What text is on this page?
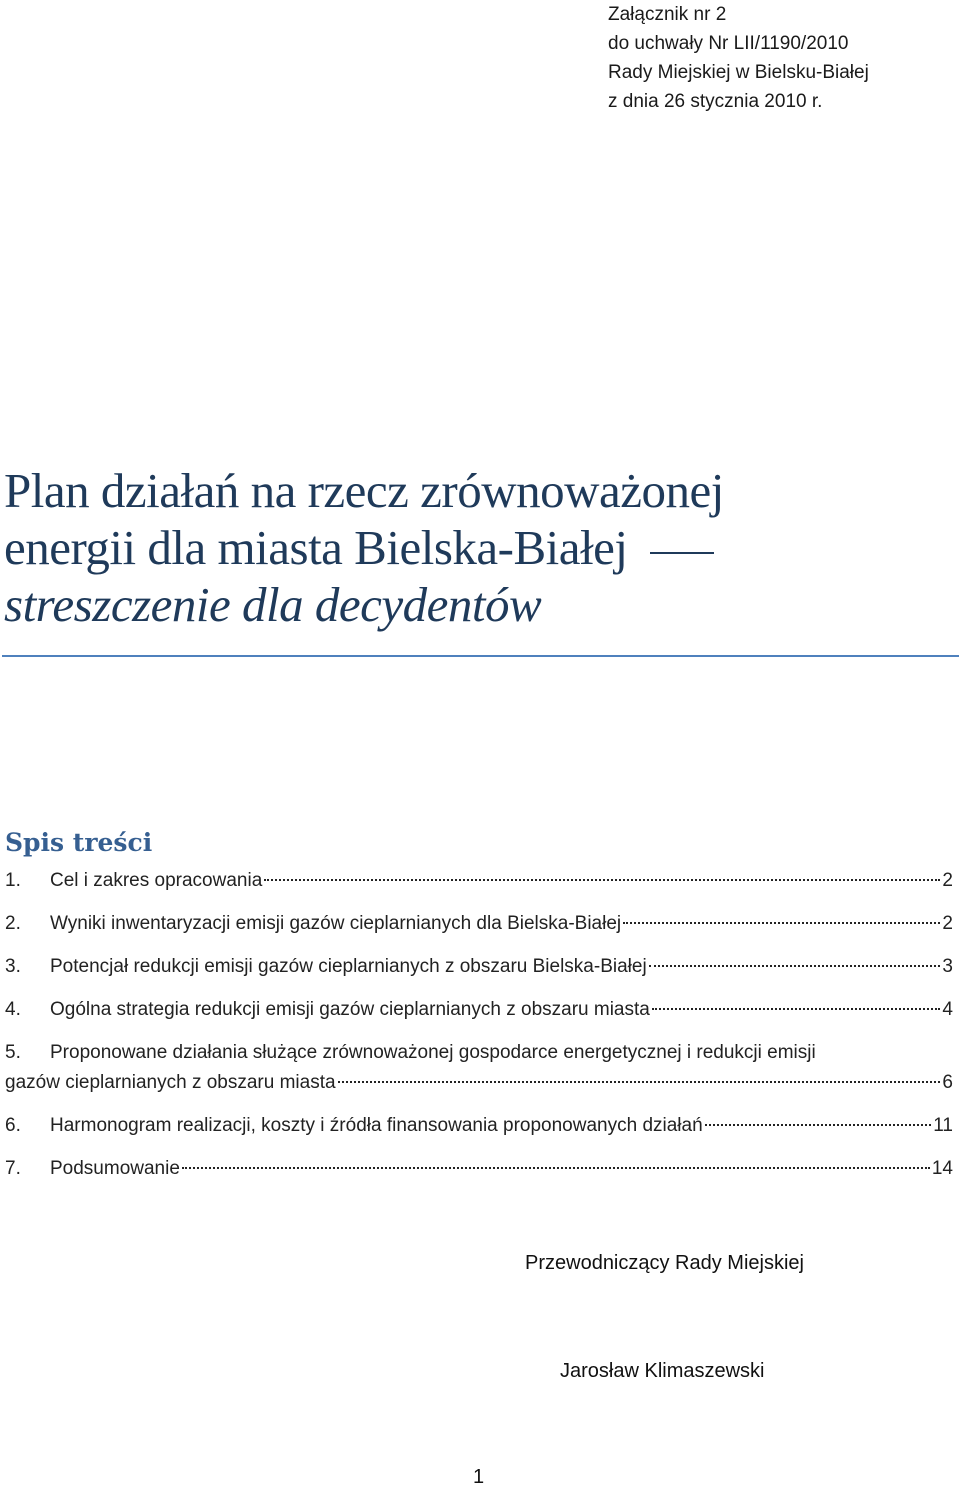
Załącznik nr 2
do uchwały Nr LII/1190/2010
Rady Miejskiej w Bielsku-Białej
z dnia 26 stycznia 2010 r.
Plan działań na rzecz zrównoważonej
energii dla miasta Bielska-Białej
streszczenie dla decydentów
Spis treści
1.	Cel i zakres opracowania	2
2.	Wyniki inwentaryzacji emisji gazów cieplarnianych dla Bielska-Białej	2
3.	Potencjał redukcji emisji gazów cieplarnianych z obszaru Bielska-Białej	3
4.	Ogólna strategia redukcji emisji gazów cieplarnianych z obszaru miasta	4
5. Proponowane działania służące zrównoważonej gospodarce energetycznej i redukcji emisji
gazów cieplarnianych z obszaru miasta	6
6.	Harmonogram realizacji, koszty i źródła finansowania proponowanych działań	11
7.	Podsumowanie	14
Przewodniczący Rady Miejskiej
Jarosław Klimaszewski
1
